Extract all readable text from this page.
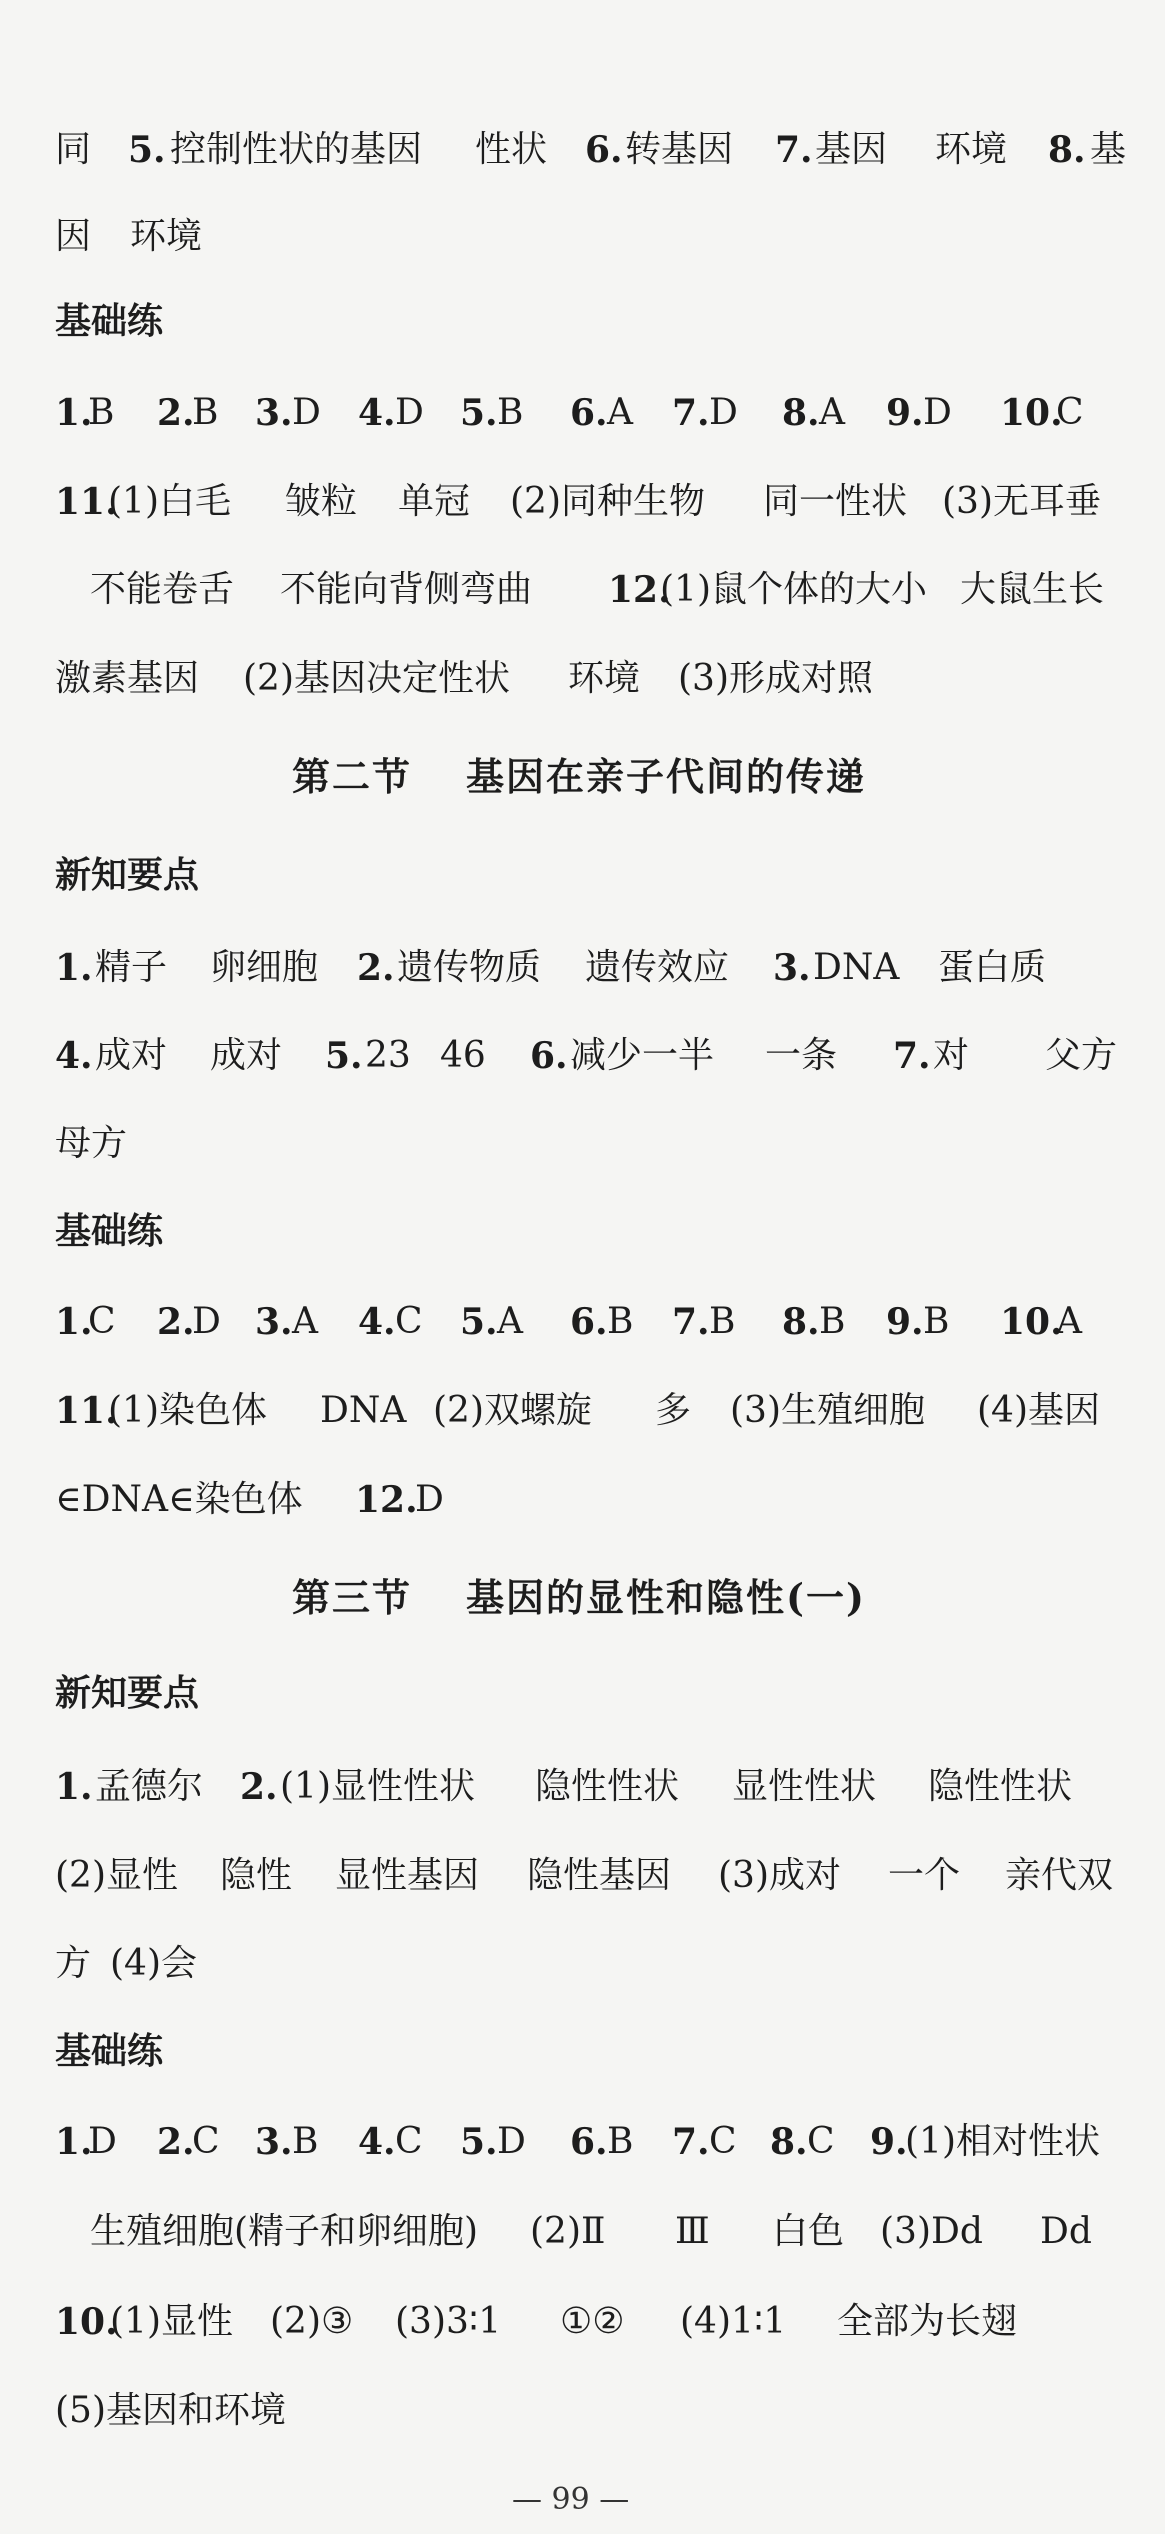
同 5. 控制性状的基因 性状 6. 转基因 7. 基因 环境 8. 基
因 环境
基础练
1.
B 2.
B 3. D 4. D 5. B 6. A 7. D 8. A 9. D 10.
C
11.
(1)白毛 皱粒 单冠 (2)同种生物 同一性状 (3)无耳垂
不能卷舌 不能向背侧弯曲 12.
(1)鼠个体的大小 大鼠生长
激素基因 (2)基因决定性状 环境 (3)形成对照
第二节 基因在亲子代间的传递
新知要点
1. 精子 卵细胞 2. 遗传物质 遗传效应 3. DNA 蛋白质
4. 成对 成对 5. 23 46 6. 减少一半 一条 7. 对 父方
母方
基础练
1.
C 2.
D 3. A 4. C 5. A 6. B 7. B 8. B 9. B 10.
A
11.
(1)染色体 DNA (2)双螺旋 多 (3)生殖细胞 (4)基因
∈DNA∈染色体 12.
D
第三节 基因的显性和隐性(一)
新知要点
1. 孟德尔 2. (1)显性性状 隐性性状 显性性状 隐性性状
(2)显性 隐性 显性基因 隐性基因 (3)成对 一个 亲代双
方 (4)会
基础练
1.
D 2.
C 3. B 4. C 5. D 6. B 7. C 8. C 9.
(1)相对性状
生殖细胞(精子和卵细胞) (2)Ⅱ Ⅲ 白色 (3)Dd Dd
10.
(1)显性 (2)③ (3)3∶1 ①② (4)1∶1 全部为长翅
(5)基因和环境
— 99 —
